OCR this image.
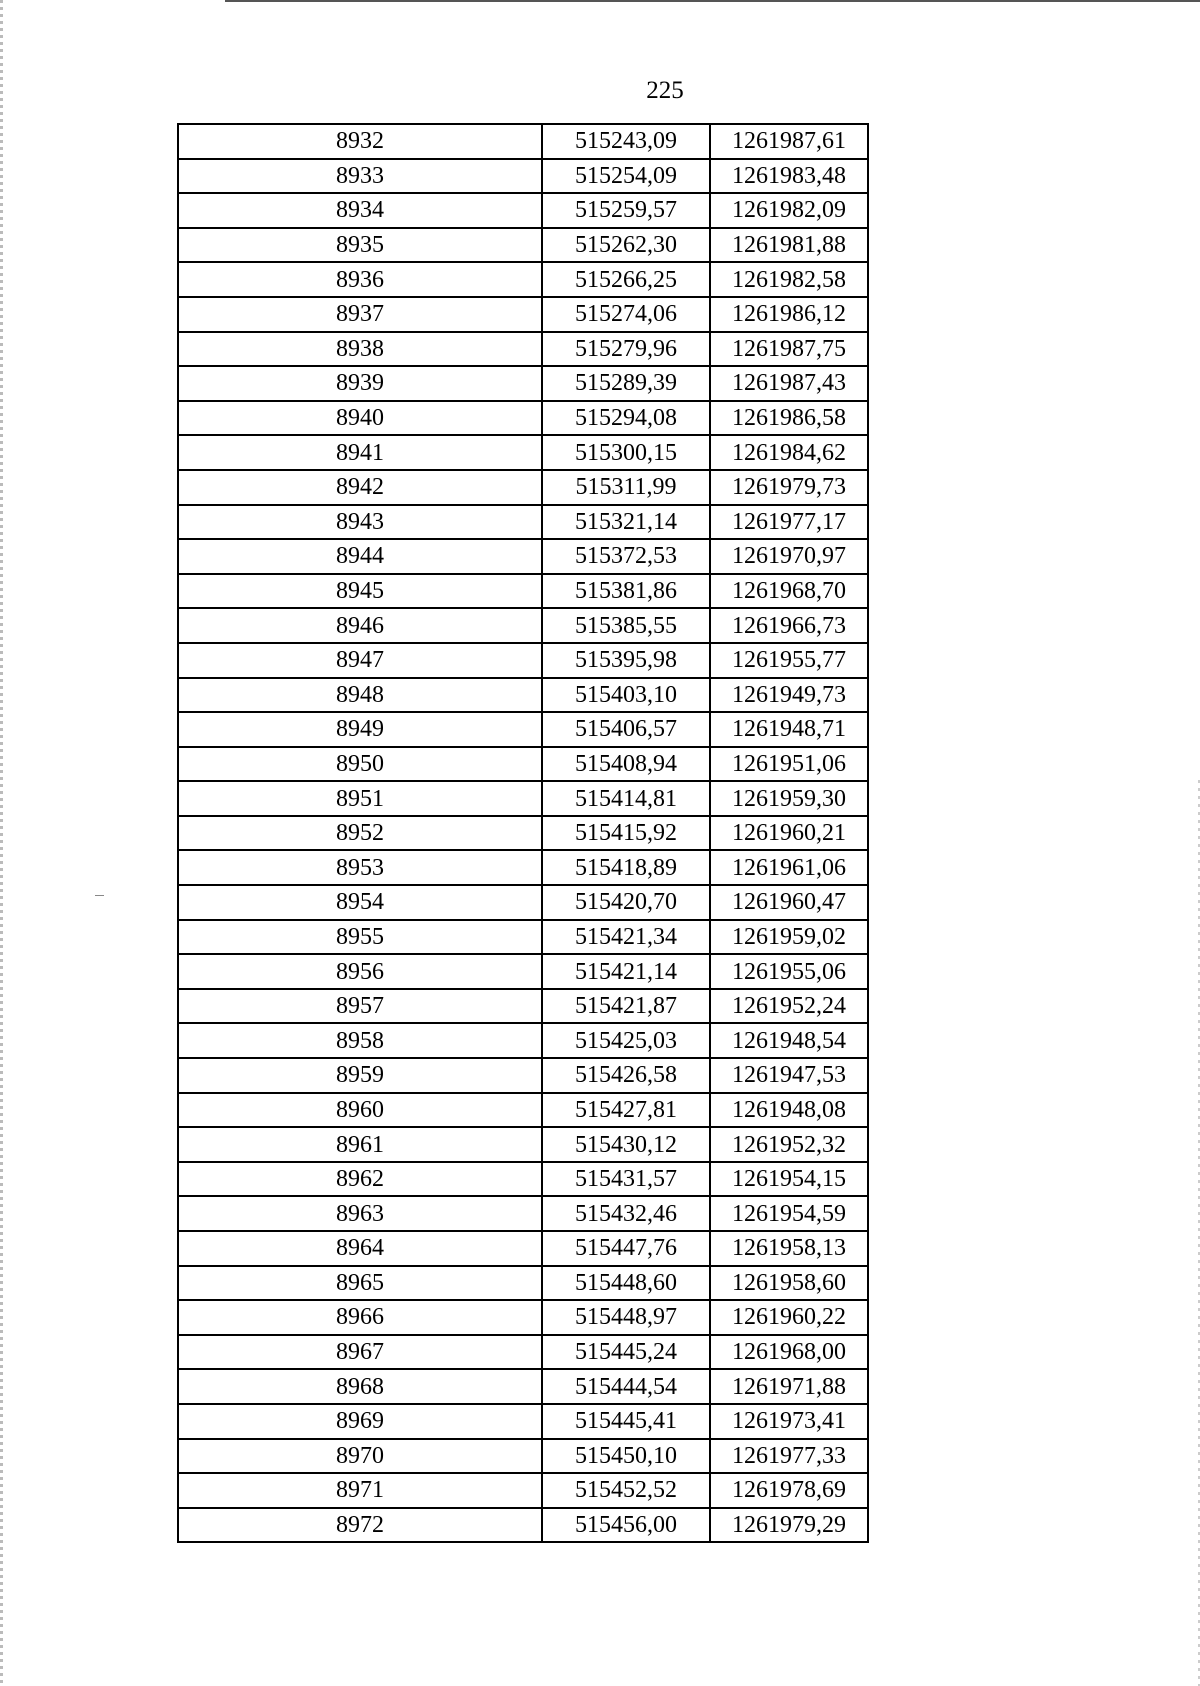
225
8932	515243,09	1261987,61
8933	515254,09	1261983,48
8934	515259,57	1261982,09
8935	515262,30	1261981,88
8936	515266,25	1261982,58
8937	515274,06	1261986,12
8938	515279,96	1261987,75
8939	515289,39	1261987,43
8940	515294,08	1261986,58
8941	515300,15	1261984,62
8942	515311,99	1261979,73
8943	515321,14	1261977,17
8944	515372,53	1261970,97
8945	515381,86	1261968,70
8946	515385,55	1261966,73
8947	515395,98	1261955,77
8948	515403,10	1261949,73
8949	515406,57	1261948,71
8950	515408,94	1261951,06
8951	515414,81	1261959,30
8952	515415,92	1261960,21
8953	515418,89	1261961,06
8954	515420,70	1261960,47
8955	515421,34	1261959,02
8956	515421,14	1261955,06
8957	515421,87	1261952,24
8958	515425,03	1261948,54
8959	515426,58	1261947,53
8960	515427,81	1261948,08
8961	515430,12	1261952,32
8962	515431,57	1261954,15
8963	515432,46	1261954,59
8964	515447,76	1261958,13
8965	515448,60	1261958,60
8966	515448,97	1261960,22
8967	515445,24	1261968,00
8968	515444,54	1261971,88
8969	515445,41	1261973,41
8970	515450,10	1261977,33
8971	515452,52	1261978,69
8972	515456,00	1261979,29
